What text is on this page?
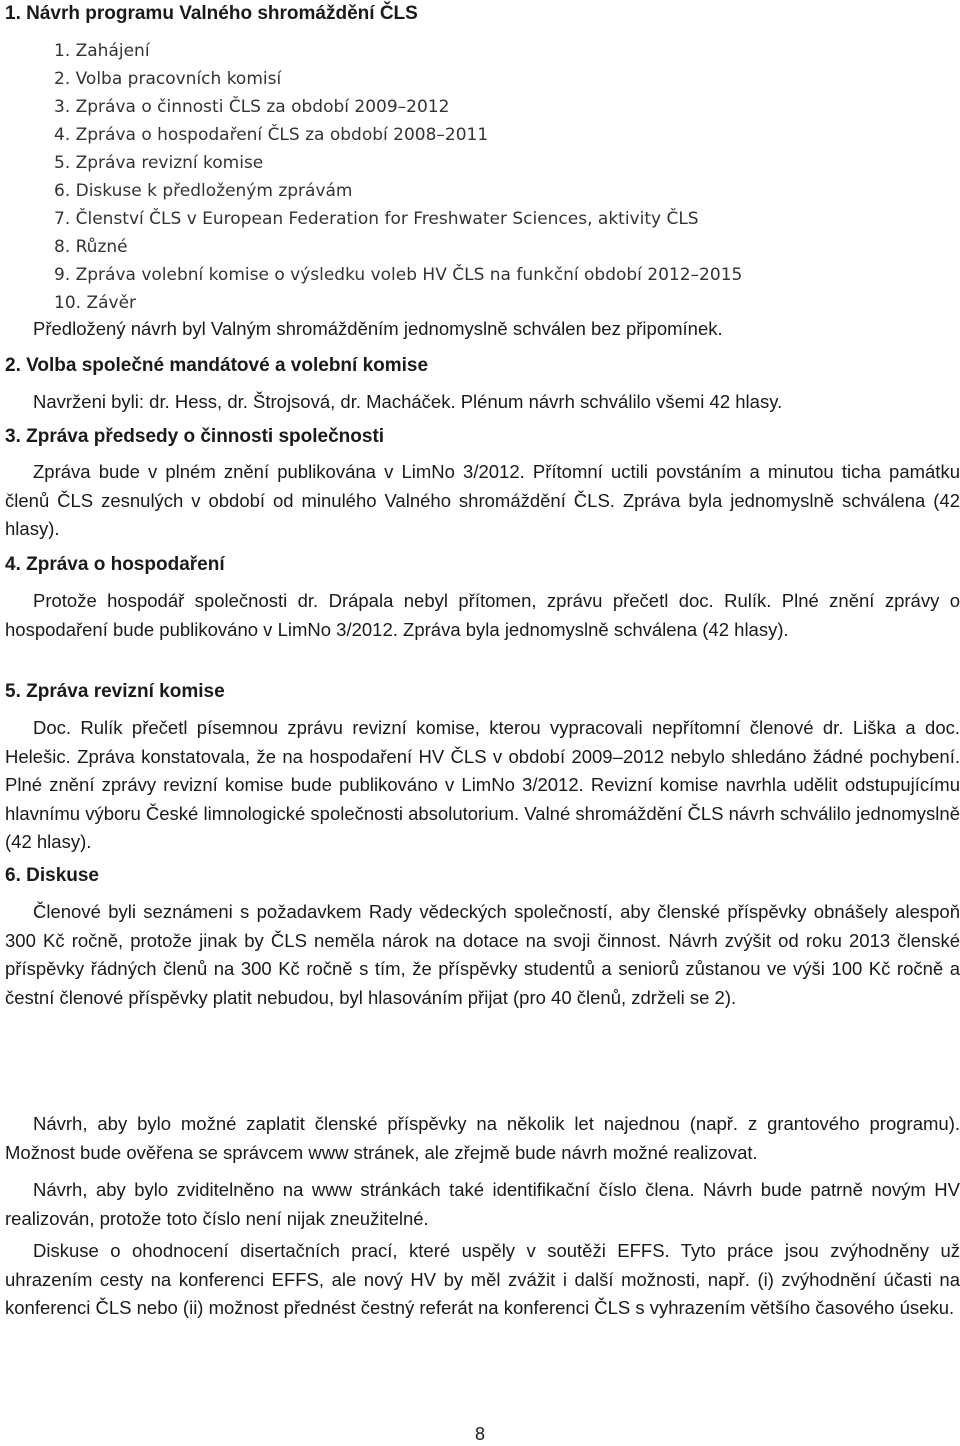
1. Návrh programu Valného shromáždění ČLS
1. Zahájení
2. Volba pracovních komisí
3. Zpráva o činnosti ČLS za období 2009–2012
4. Zpráva o hospodaření ČLS za období 2008–2011
5. Zpráva revizní komise
6. Diskuse k předloženým zprávám
7. Členství ČLS v European Federation for Freshwater Sciences, aktivity ČLS
8. Různé
9. Zpráva volební komise o výsledku voleb HV ČLS na funkční období 2012–2015
10. Závěr

Předložený návrh byl Valným shromážděním jednomyslně schválen bez připomínek.

2. Volba společné mandátové a volební komise

Navrženi byli: dr. Hess, dr. Štrojsová, dr. Macháček. Plénum návrh schválilo všemi 42 hlasy.

3. Zpráva předsedy o činnosti společnosti

Zpráva bude v plném znění publikována v LimNo 3/2012. Přítomní uctili povstáním a minutou ticha památku členů ČLS zesnulých v období od minulého Valného shromáždění ČLS. Zpráva byla jednomyslně schválena (42 hlasy).

4. Zpráva o hospodaření

Protože hospodář společnosti dr. Drápala nebyl přítomen, zprávu přečetl doc. Rulík. Plné znění zprávy o hospodaření bude publikováno v LimNo 3/2012. Zpráva byla jednomyslně schválena (42 hlasy).

5. Zpráva revizní komise

Doc. Rulík přečetl písemnou zprávu revizní komise, kterou vypracovali nepřítomní členové dr. Liška a doc. Helešic. Zpráva konstatovala, že na hospodaření HV ČLS v období 2009–2012 nebylo shledáno žádné pochybení. Plné znění zprávy revizní komise bude publikováno v LimNo 3/2012. Revizní komise navrhla udělit odstupujícímu hlavnímu výboru České limnologické společnosti absolutorium. Valné shromáždění ČLS návrh schválilo jednomyslně (42 hlasy).

6. Diskuse

Členové byli seznámeni s požadavkem Rady vědeckých společností, aby členské příspěvky obnášely alespoň 300 Kč ročně, protože jinak by ČLS neměla nárok na dotace na svoji činnost. Návrh zvýšit od roku 2013 členské příspěvky řádných členů na 300 Kč ročně s tím, že příspěvky studentů a seniorů zůstanou ve výši 100 Kč ročně a čestní členové příspěvky platit nebudou, byl hlasováním přijat (pro 40 členů, zdrželi se 2).

Návrh, aby bylo možné zaplatit členské příspěvky na několik let najednou (např. z grantového programu). Možnost bude ověřena se správcem www stránek, ale zřejmě bude návrh možné realizovat.

Návrh, aby bylo zviditelněno na www stránkách také identifikační číslo člena. Návrh bude patrně novým HV realizován, protože toto číslo není nijak zneužitelné.

Diskuse o ohodnocení disertačních prací, které uspěly v soutěži EFFS. Tyto práce jsou zvýhodněny už uhrazením cesty na konferenci EFFS, ale nový HV by měl zvážit i další možnosti, např. (i) zvýhodnění účasti na konferenci ČLS nebo (ii) možnost přednést čestný referát na konferenci ČLS s vyhrazením většího časového úseku.

8
